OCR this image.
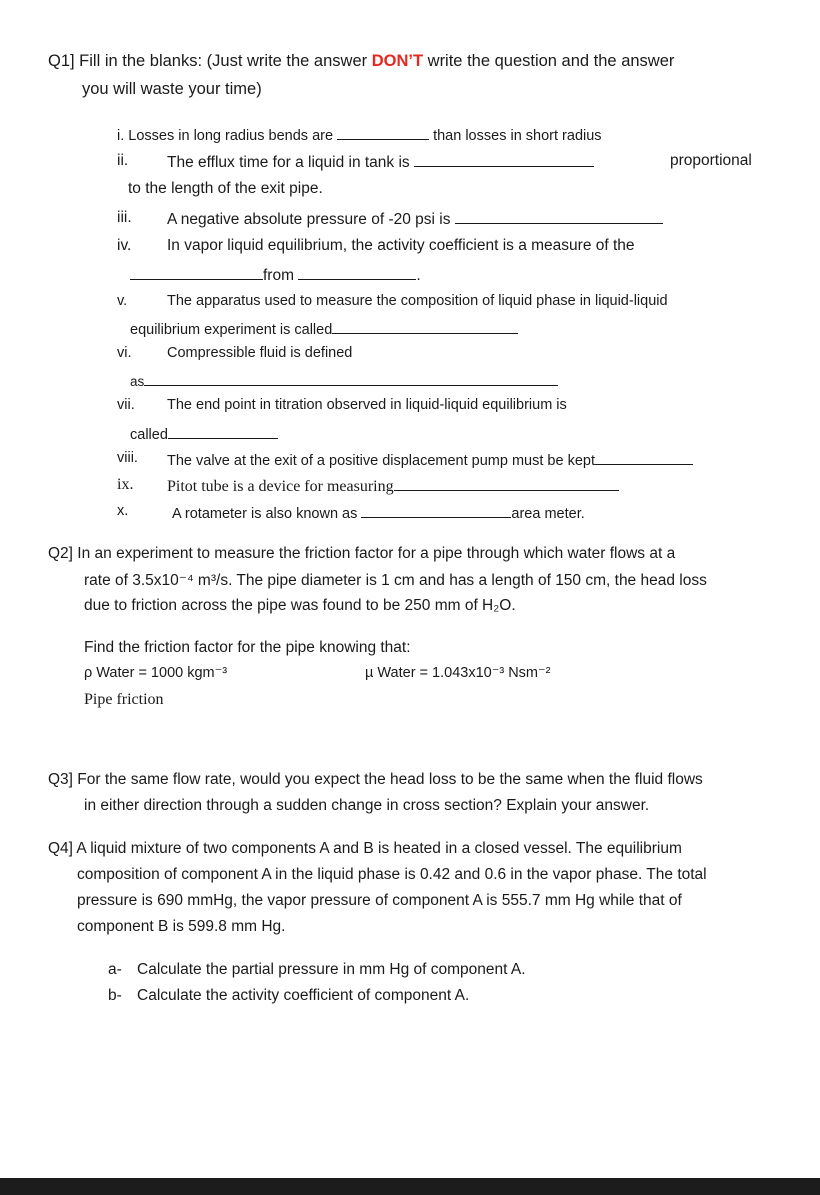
Q1] Fill in the blanks: (Just write the answer DON’T write the question and the answer
you will waste your time)
i. Losses in long radius bends are	than losses in short radius
ii.	The efflux time for a liquid in tank is	proportional
to the length of the exit pipe.
iii. A negative absolute pressure of -20 psi is
iv. In vapor liquid equilibrium, the activity coefficient is a measure of the
from	.
v.	The apparatus used to measure the composition of liquid phase in liquid-liquid
equilibrium experiment is called
vi. Compressible fluid is defined
as
vii. The end point in titration observed in liquid-liquid equilibrium is
called
viii. The valve at the exit of a positive displacement pump must be kept
ix. Pitot tube is a device for measuring
x.	A rotameter is also known as	area meter.
Q2] In an experiment to measure the friction factor for a pipe through which water flows at a
rate of 3.5x10⁻⁴ m³/s. The pipe diameter is 1 cm and has a length of 150 cm, the head loss
due to friction across the pipe was found to be 250 mm of H₂O.
Find the friction factor for the pipe knowing that:
ρ Water = 1000 kgm⁻³	µ Water = 1.043x10⁻³ Nsm⁻²
Pipe friction
Q3] For the same flow rate, would you expect the head loss to be the same when the fluid flows
in either direction through a sudden change in cross section? Explain your answer.
Q4] A liquid mixture of two components A and B is heated in a closed vessel. The equilibrium
composition of component A in the liquid phase is 0.42 and 0.6 in the vapor phase. The total
pressure is 690 mmHg, the vapor pressure of component A is 555.7 mm Hg while that of
component B is 599.8 mm Hg.
a- Calculate the partial pressure in mm Hg of component A.
b- Calculate the activity coefficient of component A.
